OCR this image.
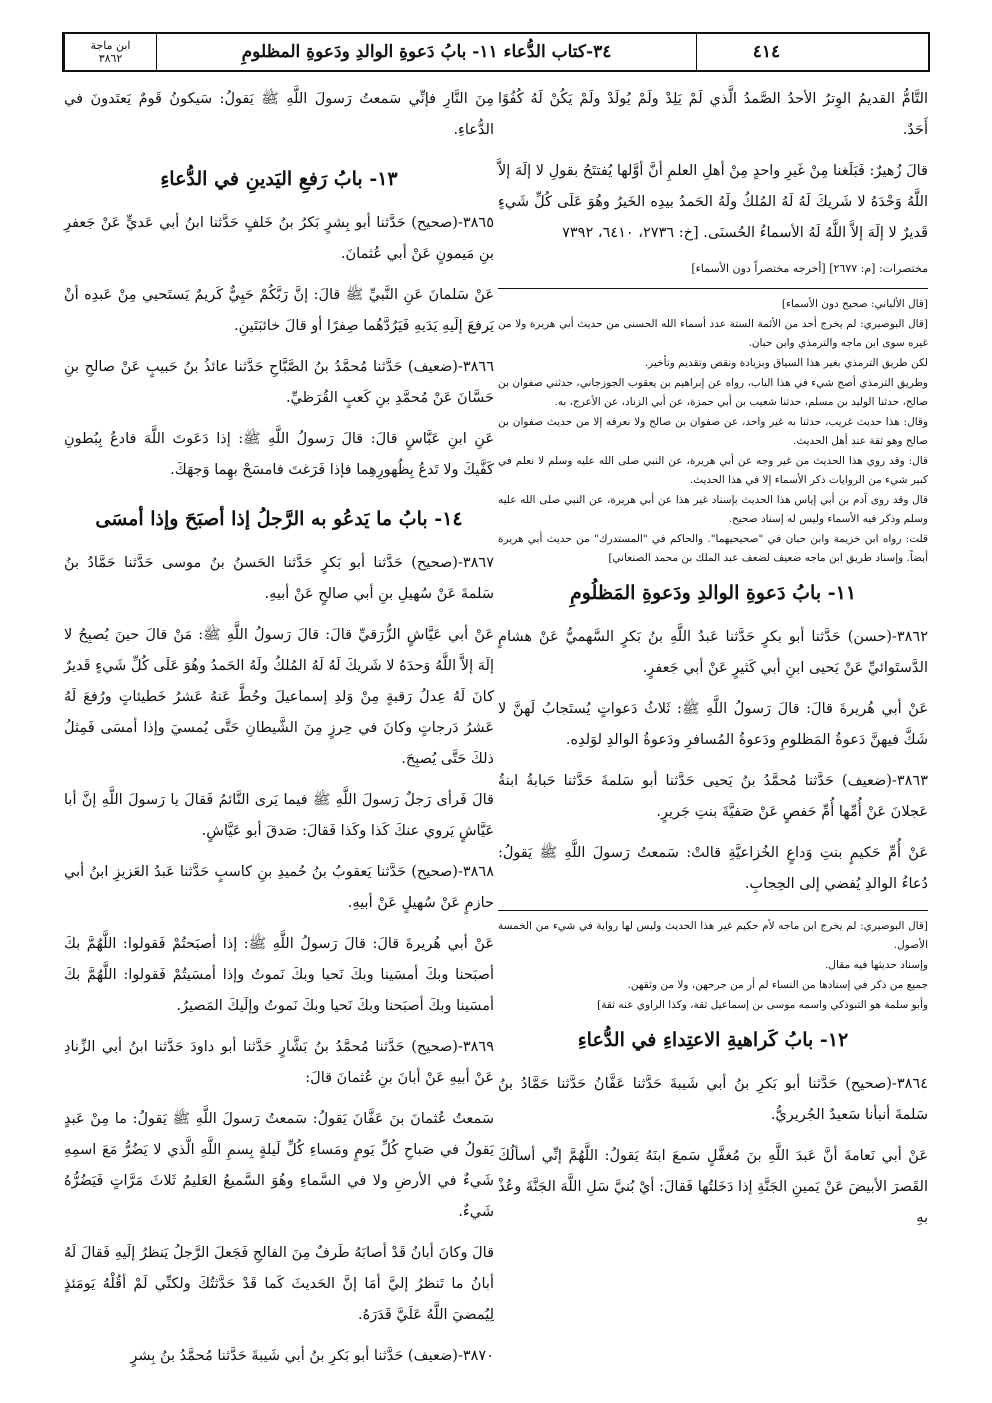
ابن ماجة
٣٨٦٢	٣٤-كتاب الدُّعاء ١١- بابُ دَعوةِ الوالدِ ودَعوةِ المظلومِ	٤١٤

التَّامُّ القديمُ الوِترُ الأحدُ الصَّمدُ الَّذي لَمْ يَلِدْ ولَمْ يُولَدْ ولَمْ يَكُنْ لَهُ كُفُوًا أَحَدٌ.

قالَ زُهيرٌ: فَبَلَغنا مِنْ غَيرِ واحدٍ مِنْ أهلِ العلمِ أنَّ أوَّلها يُفتتَحُ بقولِ لا إلَهَ إلاَّ اللَّهُ وَحْدَهُ لا شَريكَ لَهُ لَهُ المُلكُ ولَهُ الحَمدُ بيدِه الخَيرُ وهُوَ عَلَى كُلِّ شَيءٍ قَديرٌ لا إلَهَ إلاَّ اللَّهُ لَهُ الأسماءُ الحُسنَى. [خ: ٢٧٣٦، ٦٤١٠، ٧٣٩٢

مختصرات: [م: ٢٦٧٧] [أخرجه مختصراً دون الأسماء]

[قال الألباني: صحيح دون الأسماء]

[قال البوصيري: لم يخرج أحد من الأئمة الستة عدد أسماء الله الحسنى من حديث أبي هريرة ولا من غيره سوى ابن ماجه والترمذي وابن حبان.

لكن طريق الترمذي بغير هذا السياق وبزيادة ونقص وتقديم وتأخير.

وطريق الترمذي أصح شيء في هذا الباب، رواه عن إبراهيم بن يعقوب الجوزجاني، حدثني صفوان بن صالح، حدثنا الوليد بن مسلم، حدثنا شعيب بن أبي حمزة، عن أبي الزناد، عن الأعرج، به.

وقال: هذا حديث غريب، حدثنا به غير واحد، عن صفوان بن صالح ولا نعرفه إلا من حديث صفوان بن صالح وهو ثقة عند أهل الحديث.

قال: وقد روي هذا الحديث من غير وجه عن أبي هريرة، عن النبي صلى الله عليه وسلم لا نعلم في كبير شيء من الروايات ذكر الأسماء إلا في هذا الحديث.

قال وقد روى آدم بن أبي إياس هذا الحديث بإسناد غير هذا عن أبي هريرة، عن النبي صلى الله عليه وسلم وذكر فيه الأسماء وليس له إسناد صحيح.

قلت: رواه ابن خزيمة وابن حبان في "صحيحيهما". والحاكم في "المستدرك" من حديث أبي هريرة أيضاً. وإسناد طريق ابن ماجه ضعيف لضعف عبد الملك بن محمد الصنعاني]

١١- بابُ دَعوةِ الوالدِ ودَعوةِ المَظلُومِ

٣٨٦٢-(حسن) حَدَّثنا أبو بكرٍ حَدَّثنا عَبدُ اللَّهِ بنُ بَكرٍ السَّهميُّ عَنْ هشامٍ الدَّستَوائيِّ عَنْ يَحيى ابنِ أبي كَثيرٍ عَنْ أبي جَعفرٍ.

عَنْ أبي هُريرةَ قالَ: قالَ رَسولُ اللَّهِ ﷺ: ثَلاثُ دَعواتٍ يُستَجابُ لَهنَّ لا شَكَّ فيهنَّ دَعوةُ المَظلومِ ودَعوةُ المُسافرِ ودَعوةُ الوالدِ لوَلدِه.

٣٨٦٣-(ضعيف) حَدَّثنا مُحمَّدُ بنُ يَحيى حَدَّثنا أبو سَلمةَ حَدَّثنا حَبابةُ ابنةُ عَجلانَ عَنْ أُمِّها أُمِّ حَفصٍ عَنْ صَفيَّةَ بنتِ جَريرٍ.

عَنْ أُمِّ حَكيمٍ بنتِ وَداعٍ الخُزاعيَّةِ قالتْ: سَمعتُ رَسولَ اللَّهِ ﷺ يَقولُ: دُعاءُ الوالدِ يُفضي إلى الحِجابِ.

[قال البوصيري: لم يخرج ابن ماجه لأم حكيم غير هذا الحديث وليس لها رواية في شيء من الخمسة الأصول.

وإسناد حديثها فيه مقال.

جميع من ذكر في إسنادها من النساء لم أر من جرحهن، ولا من وثقهن.

وأبو سلمة هو التبوذكي واسمه موسى بن إسماعيل ثقة، وكذا الراوي عنه ثقة]

١٢- بابُ كَراهيةِ الاعتِداءِ في الدُّعاءِ

٣٨٦٤-(صحيح) حَدَّثنا أبو بَكرِ بنُ أبي شَيبةَ حَدَّثنا عَفَّانُ حَدَّثنا حَمَّادُ بنُ سَلمةَ أنبأنا سَعيدٌ الجُريريُّ.

عَنْ أبي نَعامةَ أنَّ عَبدَ اللَّهِ بنَ مُغفَّلٍ سَمعَ ابنَهُ يَقولُ: اللَّهُمَّ إنِّي أسألُكَ القَصرَ الأبيضَ عَنْ يَمينِ الجَنَّةِ إذا دَخَلتُها فَقالَ: أيْ بُنيَّ سَلِ اللَّهَ الجَنَّةَ وعُذْ بهِ

مِنَ النَّارِ فإنِّي سَمعتُ رَسولَ اللَّهِ ﷺ يَقولُ: سَيكونُ قَومٌ يَعتَدونَ في الدُّعاءِ.

١٣- بابُ رَفعِ اليَدينِ في الدُّعاءِ

٣٨٦٥-(صحيح) حَدَّثنا أبو بِشرٍ بَكرُ بنُ خَلفٍ حَدَّثنا ابنُ أبي عَديٍّ عَنْ جَعفرِ بنِ مَيمونٍ عَنْ أبي عُثمانَ.

عَنْ سَلمانَ عَنِ النَّبيِّ ﷺ قالَ: إنَّ رَبَّكُمْ حَيِيٌّ كَريمٌ يَستَحيي مِنْ عَبدِه أنْ يَرفعَ إلَيهِ يَدَيهِ فَيَرُدَّهُما صِفرًا أو قالَ خائبَتَينِ.

٣٨٦٦-(ضعيف) حَدَّثنا مُحمَّدُ بنُ الصَّبَّاحِ حَدَّثنا عائذُ بنُ حَبيبٍ عَنْ صالحِ بنِ حَسَّانَ عَنْ مُحمَّدِ بنِ كَعبٍ القُرَظيِّ.

عَنِ ابنِ عَبَّاسٍ قالَ: قالَ رَسولُ اللَّهِ ﷺ: إذا دَعَوتَ اللَّهَ فادعُ بِبُطونِ كَفَّيكَ ولا تَدعُ بِظُهورِهِما فإذا فَرَغتَ فامسَحْ بهِما وَجهَكَ.

١٤- بابُ ما يَدعُو به الرَّجلُ إذا أصبَحَ وإذا أمسَى

٣٨٦٧-(صحيح) حَدَّثنا أبو بَكرٍ حَدَّثنا الحَسنُ بنُ موسى حَدَّثنا حَمَّادُ بنُ سَلمةَ عَنْ سُهيلِ بنِ أبي صالحٍ عَنْ أبيهِ.

عَنْ أبي عَيَّاشٍ الزُّرَقيِّ قالَ: قالَ رَسولُ اللَّهِ ﷺ: مَنْ قالَ حينَ يُصبِحُ لا إلَهَ إلاَّ اللَّهُ وَحدَهُ لا شَريكَ لَهُ لَهُ المُلكُ ولَهُ الحَمدُ وهُوَ عَلَى كُلِّ شَيءٍ قَديرٌ كانَ لَهُ عِدلُ رَقبةٍ مِنْ وَلدِ إسماعيلَ وحُطَّ عَنهُ عَشرُ خَطيئاتٍ ورُفعَ لَهُ عَشرُ دَرجاتٍ وكانَ في حِرزٍ مِنَ الشَّيطانِ حَتَّى يُمسيَ وإذا أمسَى فَمِثلُ ذلكَ حَتَّى يُصبِحَ.

قالَ فَرأى رَجلٌ رَسولَ اللَّهِ ﷺ فيما يَرى النَّائمُ فَقالَ يا رَسولَ اللَّهِ إنَّ أبا عَيَّاشٍ يَروي عنكَ كَذا وكَذا فَقالَ: صَدقَ أبو عَيَّاشٍ.

٣٨٦٨-(صحيح) حَدَّثنا يَعقوبُ بنُ حُميدِ بنِ كاسبٍ حَدَّثنا عَبدُ العَزيزِ ابنُ أبي حازمٍ عَنْ سُهيلٍ عَنْ أبيهِ.

عَنْ أبي هُريرةَ قالَ: قالَ رَسولُ اللَّهِ ﷺ: إذا أصبَحتُمْ فَقولوا: اللَّهُمَّ بكَ أصبَحنا وبكَ أمسَينا وبكَ نَحيا وبكَ نَموتُ وإذا أمسَيتُمْ فَقولوا: اللَّهُمَّ بكَ أمسَينا وبكَ أصبَحنا وبكَ نَحيا وبكَ نَموتُ وإلَيكَ المَصيرُ.

٣٨٦٩-(صحيح) حَدَّثنا مُحمَّدُ بنُ بَشَّارٍ حَدَّثنا أبو داودَ حَدَّثنا ابنُ أبي الزِّنادِ عَنْ أبيهِ عَنْ أبانَ بنِ عُثمانَ قالَ:

سَمعتُ عُثمانَ بنَ عَفَّانَ يَقولُ: سَمعتُ رَسولَ اللَّهِ ﷺ يَقولُ: ما مِنْ عَبدٍ يَقولُ في صَباحِ كُلِّ يَومٍ ومَساءِ كُلِّ لَيلةٍ بِسمِ اللَّهِ الَّذي لا يَضُرُّ مَعَ اسمِهِ شَيءٌ في الأرضِ ولا في السَّماءِ وهُوَ السَّميعُ العَليمُ ثَلاثَ مَرَّاتٍ فَيَضُرُّهُ شَيءٌ.

قالَ وكانَ أبانُ قَدْ أصابَهُ طَرفٌ مِنَ الفالجِ فَجَعلَ الرَّجلُ يَنظرُ إلَيهِ فَقالَ لَهُ أبانُ ما تَنظرُ إليَّ أمَا إنَّ الحَديثَ كَما قَدْ حَدَّثتُكَ ولكنِّي لَمْ أقُلْهُ يَومَئذٍ لِيُمضيَ اللَّهُ عَلَيَّ قَدَرَهُ.

٣٨٧٠-(ضعيف) حَدَّثنا أبو بَكرِ بنُ أبي شَيبةَ حَدَّثنا مُحمَّدُ بنُ بِشرٍ
